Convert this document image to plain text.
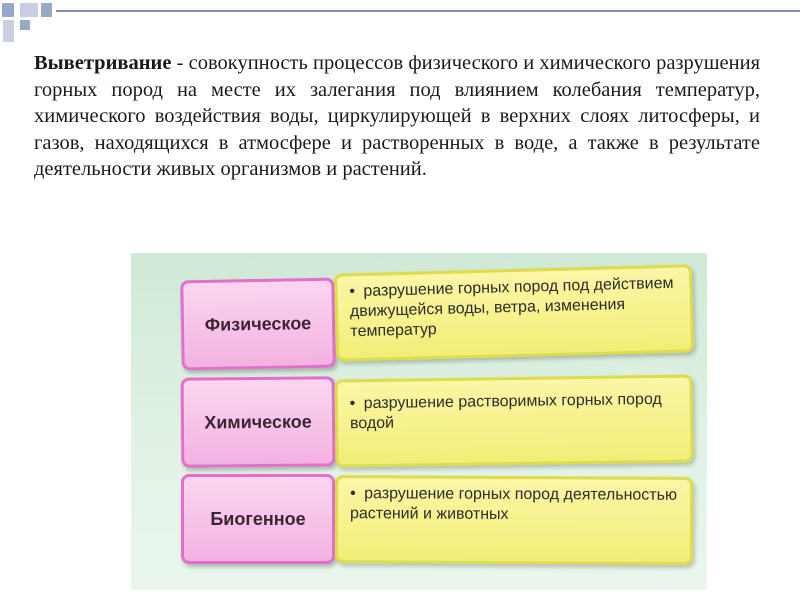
Выветривание - совокупность процессов физического и химического разрушения горных пород на месте их залегания под влиянием колебания температур, химического воздействия воды, циркулирующей в верхних слоях литосферы, и газов, находящихся в атмосфере и растворенных в воде, а также в результате деятельности живых организмов и растений.
Физическое
• разрушение горных пород под действием движущейся воды, ветра, изменения температур
Химическое
• разрушение растворимых горных пород водой
Биогенное
• разрушение горных пород деятельностью растений и животных
